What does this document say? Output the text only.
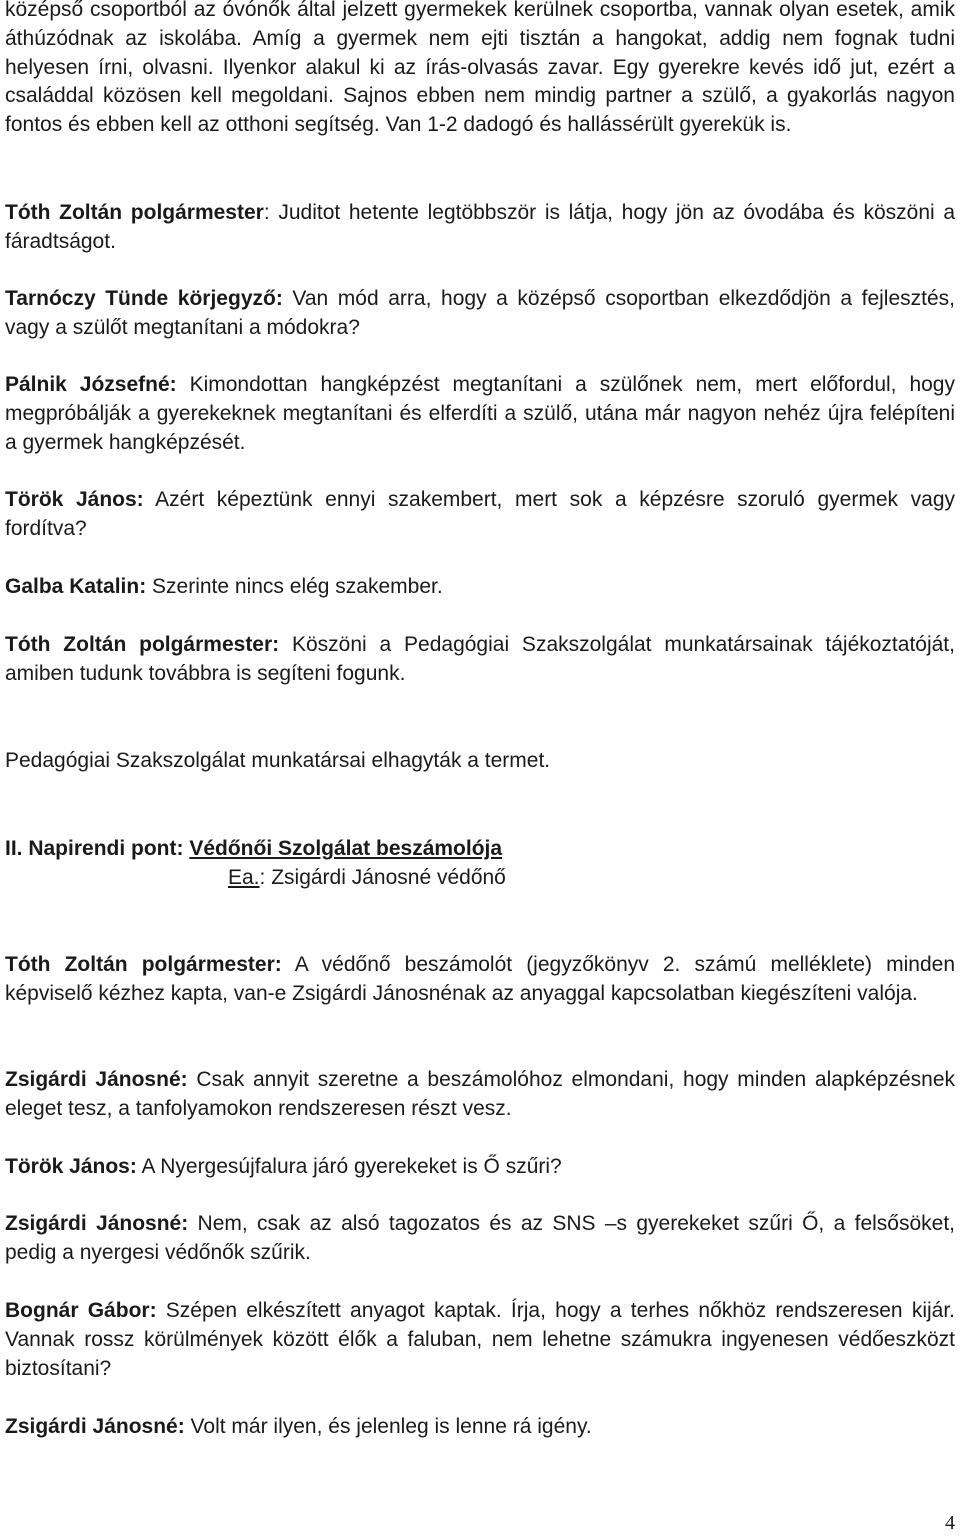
középső csoportból az óvónők által jelzett gyermekek kerülnek csoportba, vannak olyan esetek, amik áthúzódnak az iskolába. Amíg a gyermek nem ejti tisztán a hangokat, addig nem fognak tudni helyesen írni, olvasni. Ilyenkor alakul ki az írás-olvasás zavar. Egy gyerekre kevés idő jut, ezért a családdal közösen kell megoldani. Sajnos ebben nem mindig partner a szülő, a gyakorlás nagyon fontos és ebben kell az otthoni segítség. Van 1-2 dadogó és hallássérült gyerekük is.

Tóth Zoltán polgármester: Juditot hetente legtöbbször is látja, hogy jön az óvodába és köszöni a fáradtságot.

Tarnóczy Tünde körjegyző: Van mód arra, hogy a középső csoportban elkezdődjön a fejlesztés, vagy a szülőt megtanítani a módokra?

Pálnik Józsefné: Kimondottan hangképzést megtanítani a szülőnek nem, mert előfordul, hogy megpróbálják a gyerekeknek megtanítani és elferdíti a szülő, utána már nagyon nehéz újra felépíteni a gyermek hangképzését.

Török János: Azért képeztünk ennyi szakembert, mert sok a képzésre szoruló gyermek vagy fordítva?

Galba Katalin: Szerinte nincs elég szakember.

Tóth Zoltán polgármester: Köszöni a Pedagógiai Szakszolgálat munkatársainak tájékoztatóját, amiben tudunk továbbra is segíteni fogunk.

Pedagógiai Szakszolgálat munkatársai elhagyták a termet.

II. Napirendi pont: Védőnői Szolgálat beszámolója
Ea.: Zsigárdi Jánosné védőnő

Tóth Zoltán polgármester: A védőnő beszámolót (jegyzőkönyv 2. számú melléklete) minden képviselő kézhez kapta, van-e Zsigárdi Jánosnénak az anyaggal kapcsolatban kiegészíteni valója.

Zsigárdi Jánosné: Csak annyit szeretne a beszámolóhoz elmondani, hogy minden alapképzésnek eleget tesz, a tanfolyamokon rendszeresen részt vesz.

Török János: A Nyergesújfalura járó gyerekeket is Ő szűri?

Zsigárdi Jánosné: Nem, csak az alsó tagozatos és az SNS –s gyerekeket szűri Ő, a felsősöket, pedig a nyergesi védőnők szűrik.

Bognár Gábor: Szépen elkészített anyagot kaptak. Írja, hogy a terhes nőkhöz rendszeresen kijár. Vannak rossz körülmények között élők a faluban, nem lehetne számukra ingyenesen védőeszközt biztosítani?

Zsigárdi Jánosné: Volt már ilyen, és jelenleg is lenne rá igény.

4
